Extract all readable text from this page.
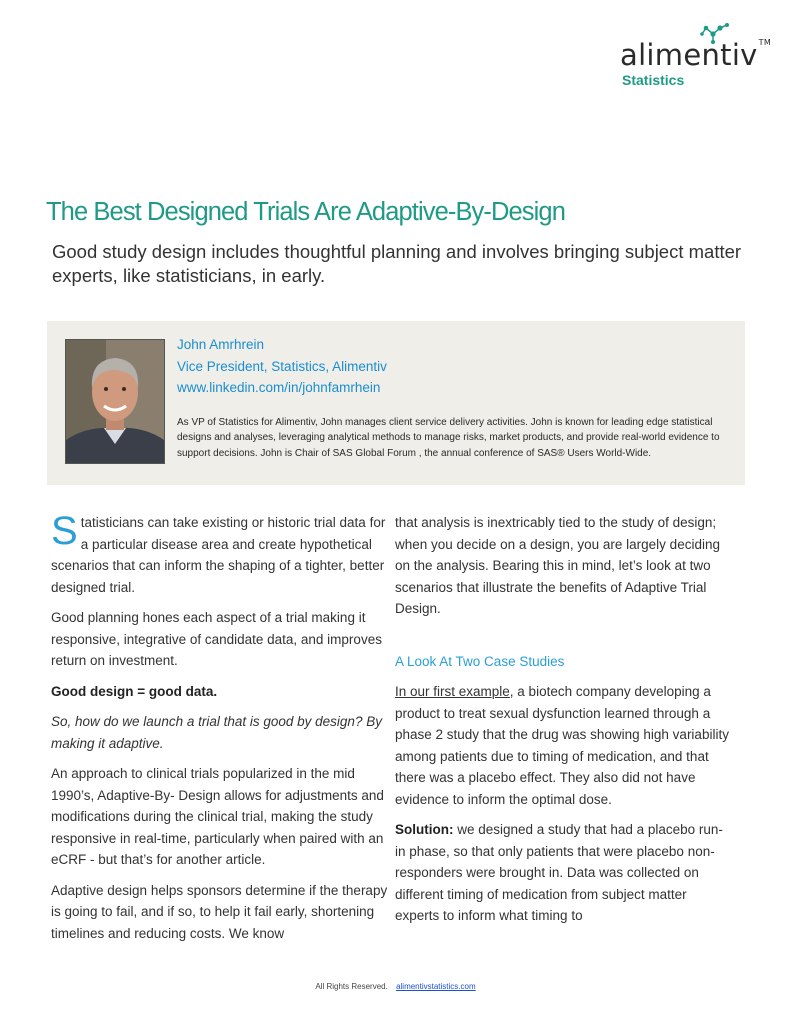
alimentiv™
Statistics
The Best Designed Trials Are Adaptive-By-Design
Good study design includes thoughtful planning and involves bringing subject matter experts, like statisticians, in early.
John Amrhrein
Vice President, Statistics, Alimentiv
www.linkedin.com/in/johnfamrhein
As VP of Statistics for Alimentiv, John manages client service delivery activities. John is known for leading edge statistical designs and analyses, leveraging analytical methods to manage risks, market products, and provide real-world evidence to support decisions. John is Chair of SAS Global Forum , the annual conference of SAS® Users World-Wide.

Statisticians can take existing or historic trial data for a particular disease area and create hypothetical scenarios that can inform the shaping of a tighter, better designed trial.

Good planning hones each aspect of a trial making it responsive, integrative of candidate data, and improves return on investment.

Good design = good data.

So, how do we launch a trial that is good by design? By making it adaptive.

An approach to clinical trials popularized in the mid 1990’s, Adaptive-By- Design allows for adjustments and modifications during the clinical trial, making the study responsive in real-time, particularly when paired with an eCRF - but that’s for another article.

Adaptive design helps sponsors determine if the therapy is going to fail, and if so, to help it fail early, shortening timelines and reducing costs. We know

that analysis is inextricably tied to the study of design; when you decide on a design, you are largely deciding on the analysis. Bearing this in mind, let’s look at two scenarios that illustrate the benefits of Adaptive Trial Design.

A Look At Two Case Studies

In our first example, a biotech company developing a product to treat sexual dysfunction learned through a phase 2 study that the drug was showing high variability among patients due to timing of medication, and that there was a placebo effect. They also did not have evidence to inform the optimal dose.

Solution: we designed a study that had a placebo run-in phase, so that only patients that were placebo non-responders were brought in. Data was collected on different timing of medication from subject matter experts to inform what timing to

All Rights Reserved. alimentivstatistics.com
